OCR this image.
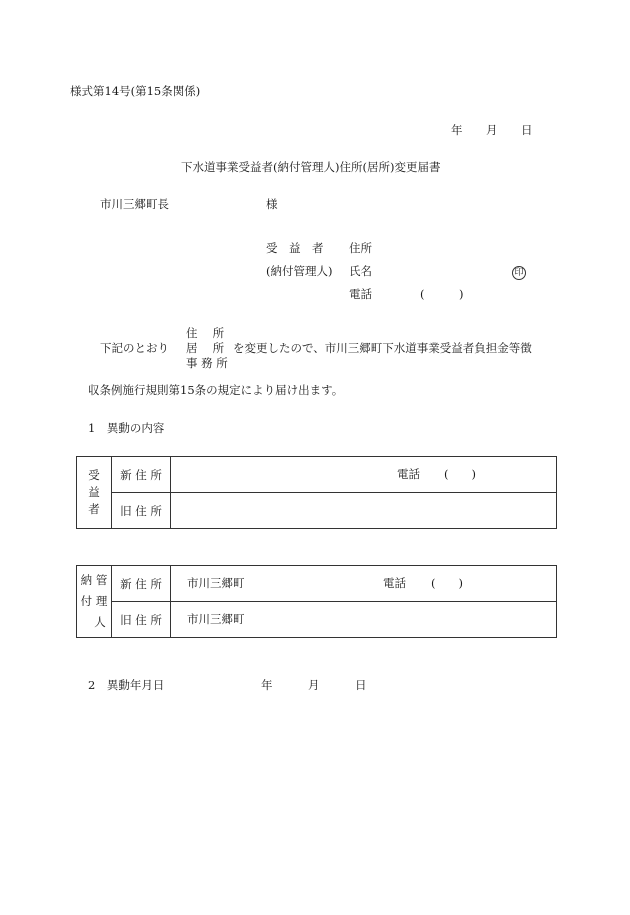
様式第14号(第15条関係)
年 月 日
下水道事業受益者(納付管理人)住所(居所)変更届書
市川三郷町長	様
受　益　者 住所
(納付管理人) 氏名	印
電話	(　　　)
住　 所
下記のとおり 居　 所 を変更したので、市川三郷町下水道事業受益者負担金等徴
事 務 所
収条例施行規則第15条の規定により届け出ます。
1　異動の内容
受
益
者	新 住 所	電話 (　　)

	旧 住 所	
納 管
付 理
人	新 住 所	市川三郷町 電話 (　　)

	旧 住 所	市川三郷町
2　異動年月日	年	月	日
